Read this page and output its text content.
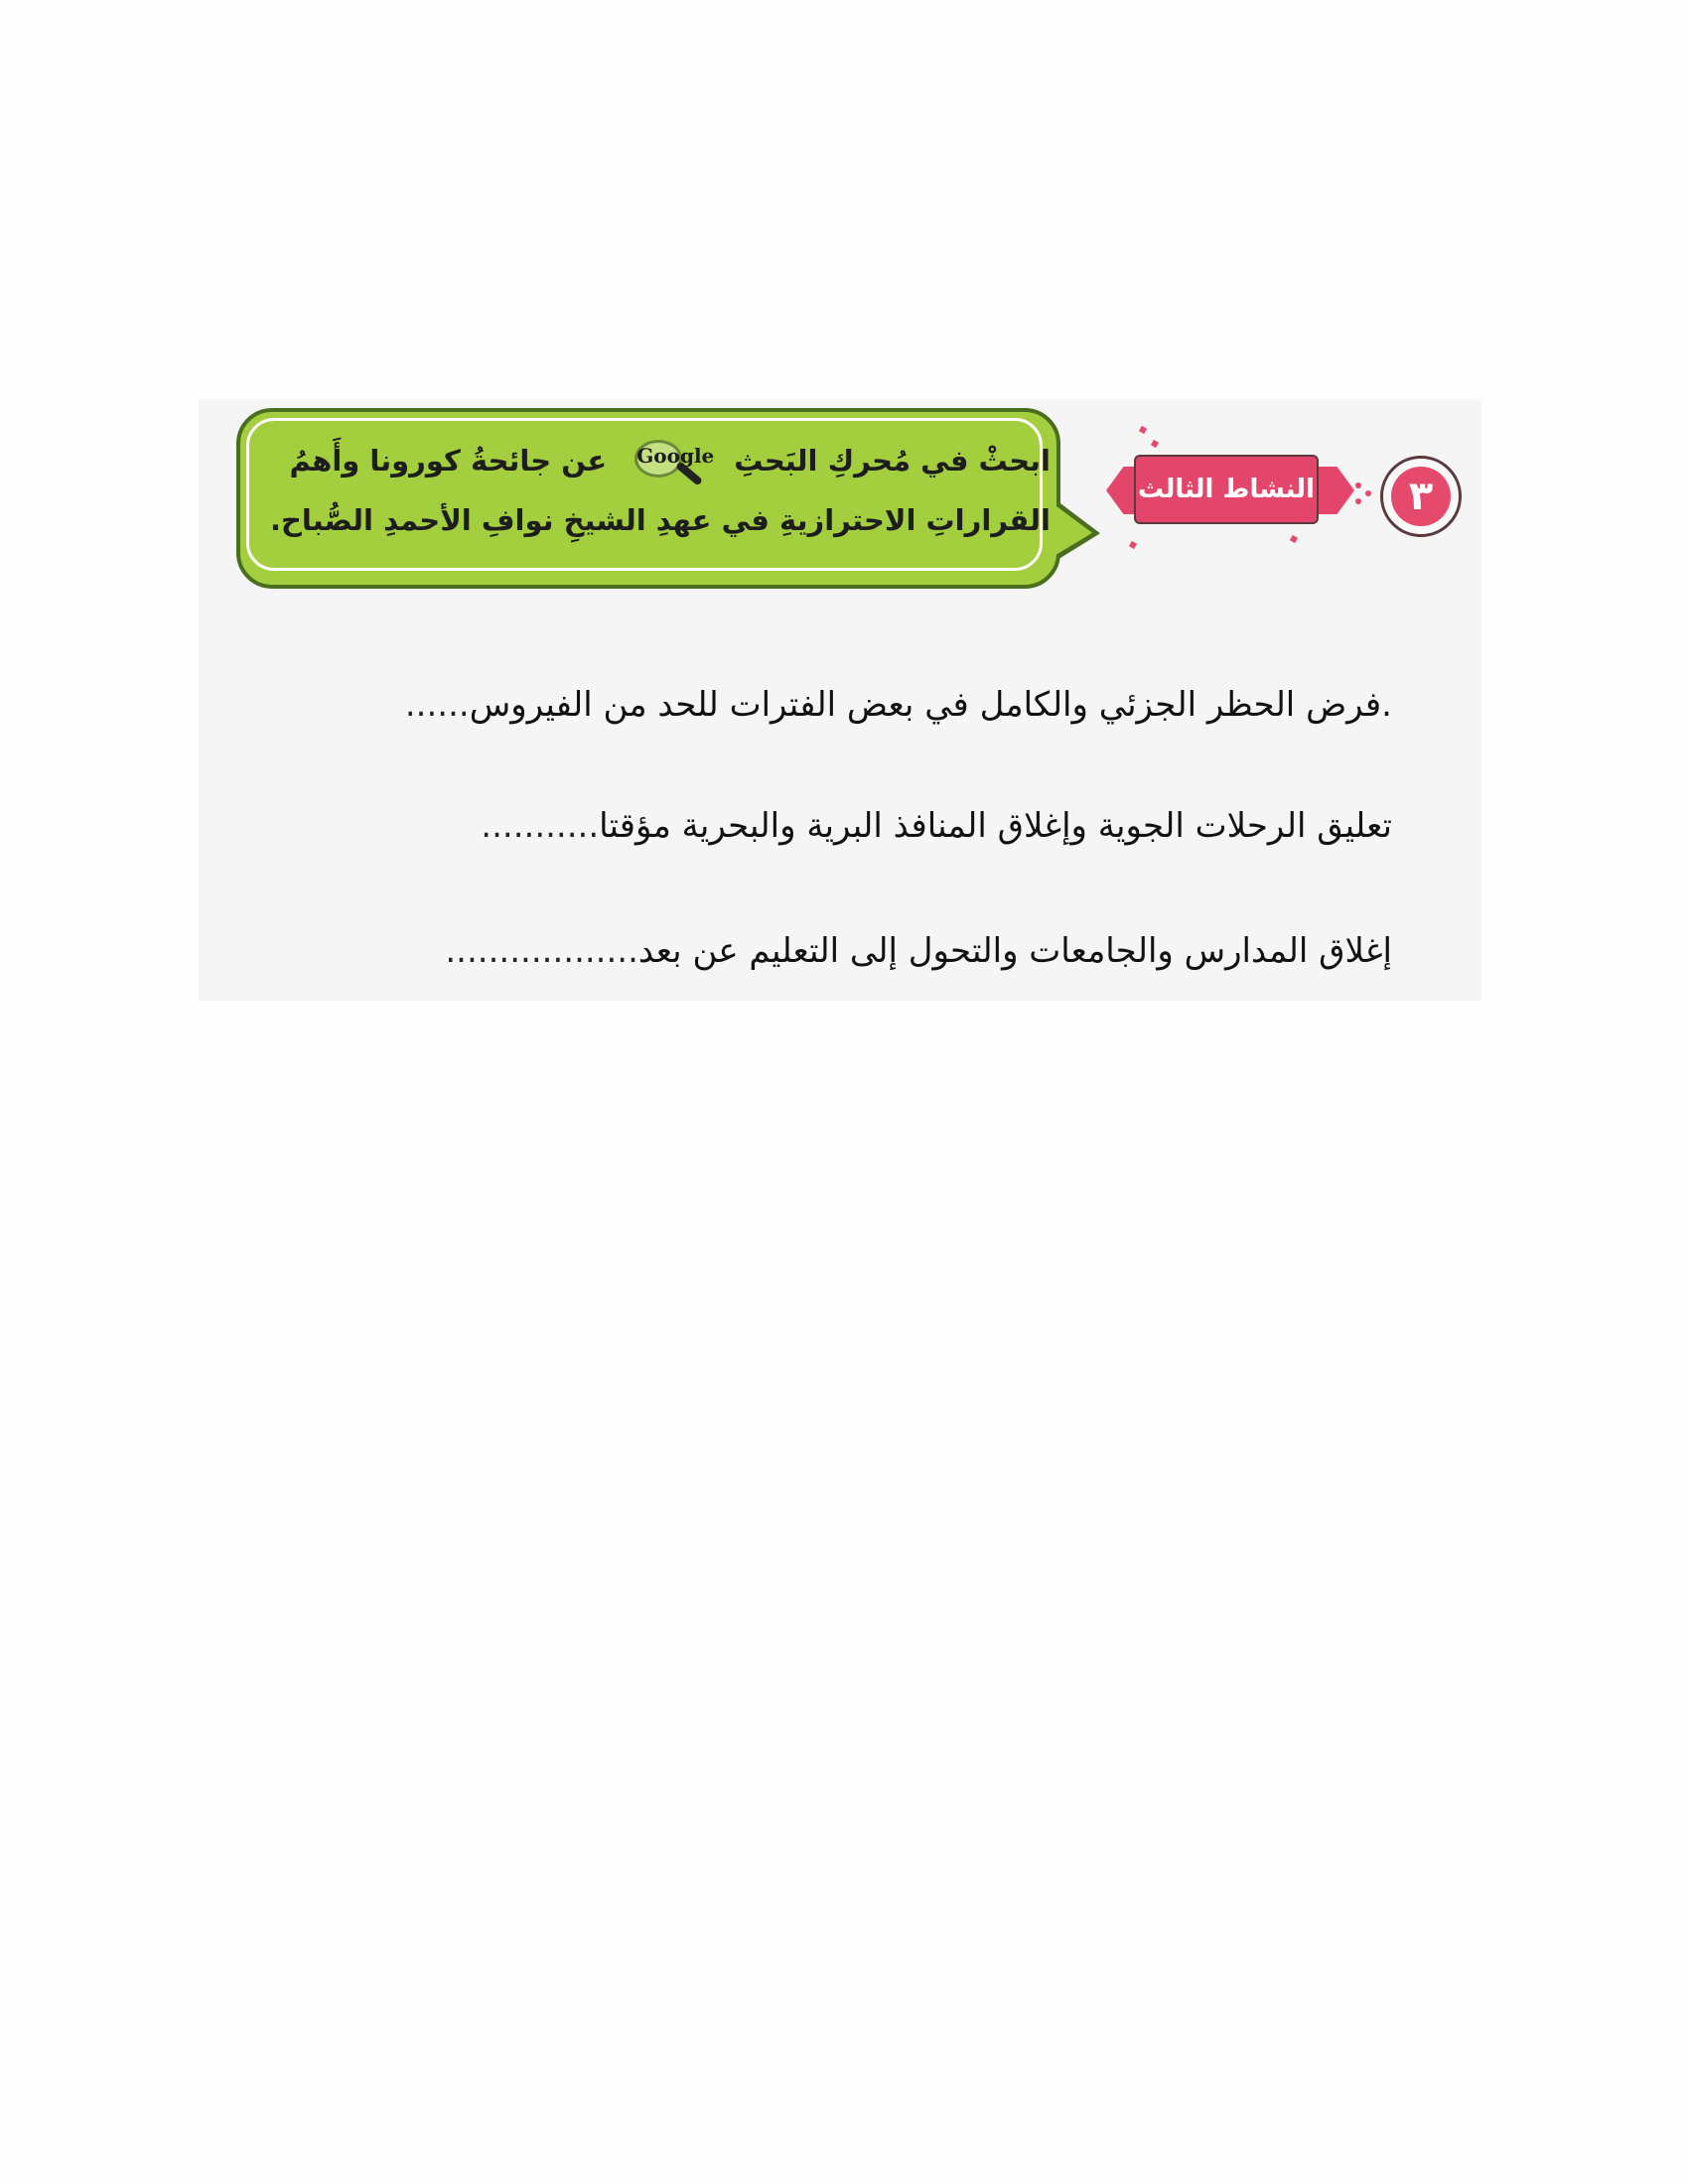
٣
النشاط الثالث
ابحثْ في مُحركِ البَحثِ
Google
عن جائحةُ كورونا وأَهمُ
القراراتِ الاحترازيةِ في عهدِ الشيخِ نوافِ الأحمدِ الصُّباح.
.فرض الحظر الجزئي والكامل في بعض الفترات للحد من الفيروس......
تعليق الرحلات الجوية وإغلاق المنافذ البرية والبحرية مؤقتا...........
إغلاق المدارس والجامعات والتحول إلى التعليم عن بعد..................
